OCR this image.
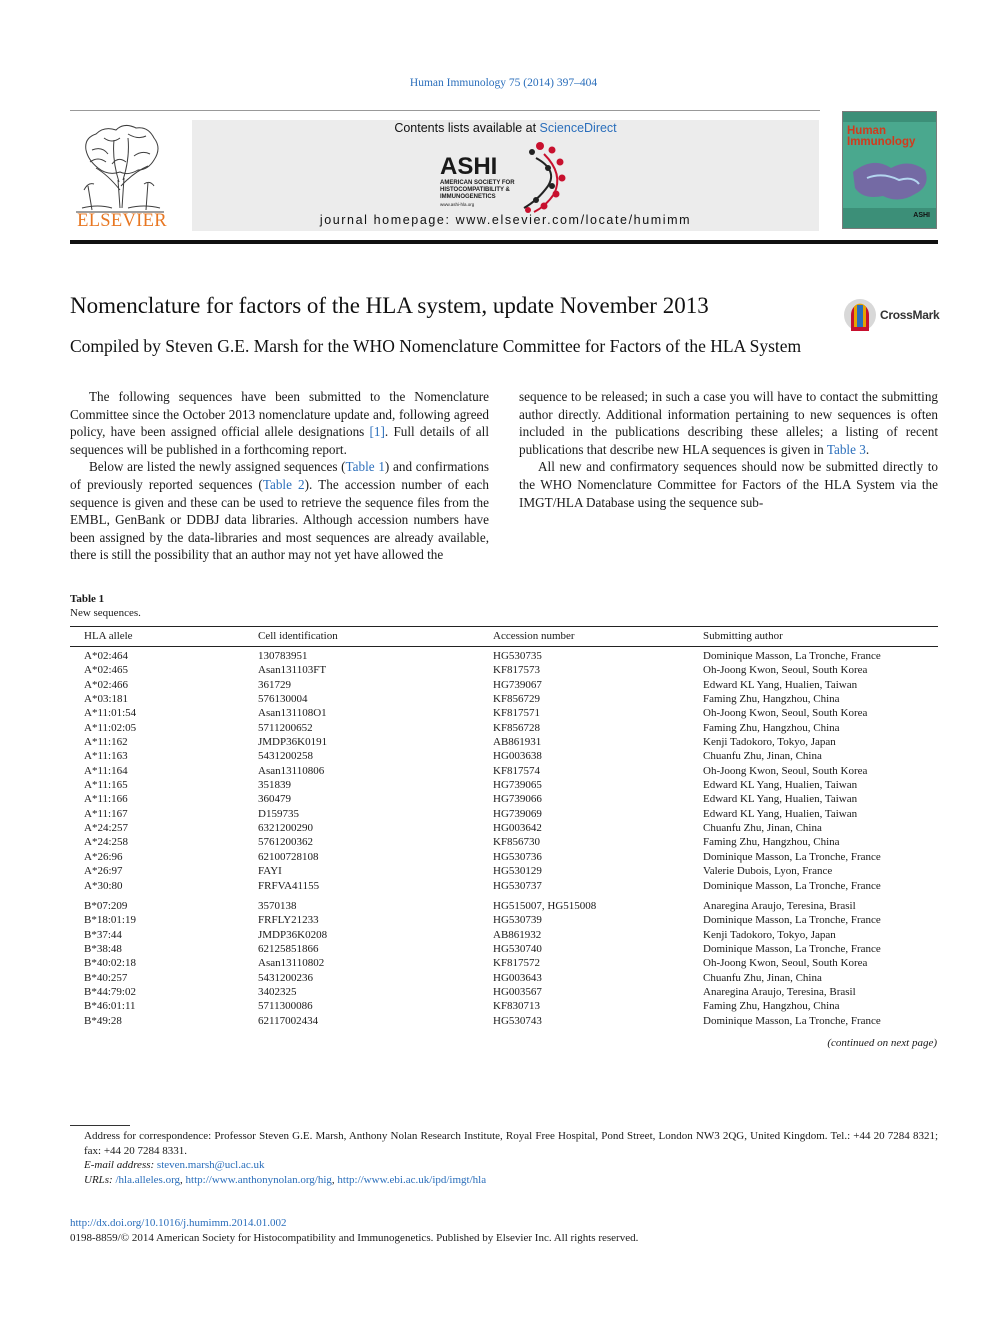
Human Immunology 75 (2014) 397–404
ELSEVIER
Contents lists available at ScienceDirect
ASHI
AMERICAN SOCIETY FOR
HISTOCOMPATIBILITY &
IMMUNOGENETICS
www.ashi-hla.org
journal homepage: www.elsevier.com/locate/humimm
Human
Immunology
ASHI
Nomenclature for factors of the HLA system, update November 2013	CrossMark
Compiled by Steven G.E. Marsh for the WHO Nomenclature Committee for Factors of the HLA System

The following sequences have been submitted to the Nomenclature Committee since the October 2013 nomenclature update and, following agreed policy, have been assigned official allele designations [1]. Full details of all sequences will be published in a forthcoming report.

Below are listed the newly assigned sequences (Table 1) and confirmations of previously reported sequences (Table 2). The accession number of each sequence is given and these can be used to retrieve the sequence files from the EMBL, GenBank or DDBJ data libraries. Although accession numbers have been assigned by the data-libraries and most sequences are already available, there is still the possibility that an author may not yet have allowed the

sequence to be released; in such a case you will have to contact the submitting author directly. Additional information pertaining to new sequences is often included in the publications describing these alleles; a listing of recent publications that describe new HLA sequences is given in Table 3.

All new and confirmatory sequences should now be submitted directly to the WHO Nomenclature Committee for Factors of the HLA System via the IMGT/HLA Database using the sequence sub-

Table 1
New sequences.
HLA allele	Cell identification	Accession number	Submitting author
A*02:464	130783951	HG530735	Dominique Masson, La Tronche, France
A*02:465	Asan131103FT	KF817573	Oh-Joong Kwon, Seoul, South Korea
A*02:466	361729	HG739067	Edward KL Yang, Hualien, Taiwan
A*03:181	576130004	KF856729	Faming Zhu, Hangzhou, China
A*11:01:54	Asan131108O1	KF817571	Oh-Joong Kwon, Seoul, South Korea
A*11:02:05	5711200652	KF856728	Faming Zhu, Hangzhou, China
A*11:162	JMDP36K0191	AB861931	Kenji Tadokoro, Tokyo, Japan
A*11:163	5431200258	HG003638	Chuanfu Zhu, Jinan, China
A*11:164	Asan13110806	KF817574	Oh-Joong Kwon, Seoul, South Korea
A*11:165	351839	HG739065	Edward KL Yang, Hualien, Taiwan
A*11:166	360479	HG739066	Edward KL Yang, Hualien, Taiwan
A*11:167	D159735	HG739069	Edward KL Yang, Hualien, Taiwan
A*24:257	6321200290	HG003642	Chuanfu Zhu, Jinan, China
A*24:258	5761200362	KF856730	Faming Zhu, Hangzhou, China
A*26:96	62100728108	HG530736	Dominique Masson, La Tronche, France
A*26:97	FAYI	HG530129	Valerie Dubois, Lyon, France
A*30:80	FRFVA41155	HG530737	Dominique Masson, La Tronche, France

B*07:209	3570138	HG515007, HG515008	Anaregina Araujo, Teresina, Brasil
B*18:01:19	FRFLY21233	HG530739	Dominique Masson, La Tronche, France
B*37:44	JMDP36K0208	AB861932	Kenji Tadokoro, Tokyo, Japan
B*38:48	62125851866	HG530740	Dominique Masson, La Tronche, France
B*40:02:18	Asan13110802	KF817572	Oh-Joong Kwon, Seoul, South Korea
B*40:257	5431200236	HG003643	Chuanfu Zhu, Jinan, China
B*44:79:02	3402325	HG003567	Anaregina Araujo, Teresina, Brasil
B*46:01:11	5711300086	KF830713	Faming Zhu, Hangzhou, China
B*49:28	62117002434	HG530743	Dominique Masson, La Tronche, France
(continued on next page)
Address for correspondence: Professor Steven G.E. Marsh, Anthony Nolan Research Institute, Royal Free Hospital, Pond Street, London NW3 2QG, United Kingdom. Tel.: +44 20 7284 8321; fax: +44 20 7284 8331.
E-mail address: steven.marsh@ucl.ac.uk
URLs: /hla.alleles.org, http://www.anthonynolan.org/hig, http://www.ebi.ac.uk/ipd/imgt/hla
http://dx.doi.org/10.1016/j.humimm.2014.01.002
0198-8859/© 2014 American Society for Histocompatibility and Immunogenetics. Published by Elsevier Inc. All rights reserved.
